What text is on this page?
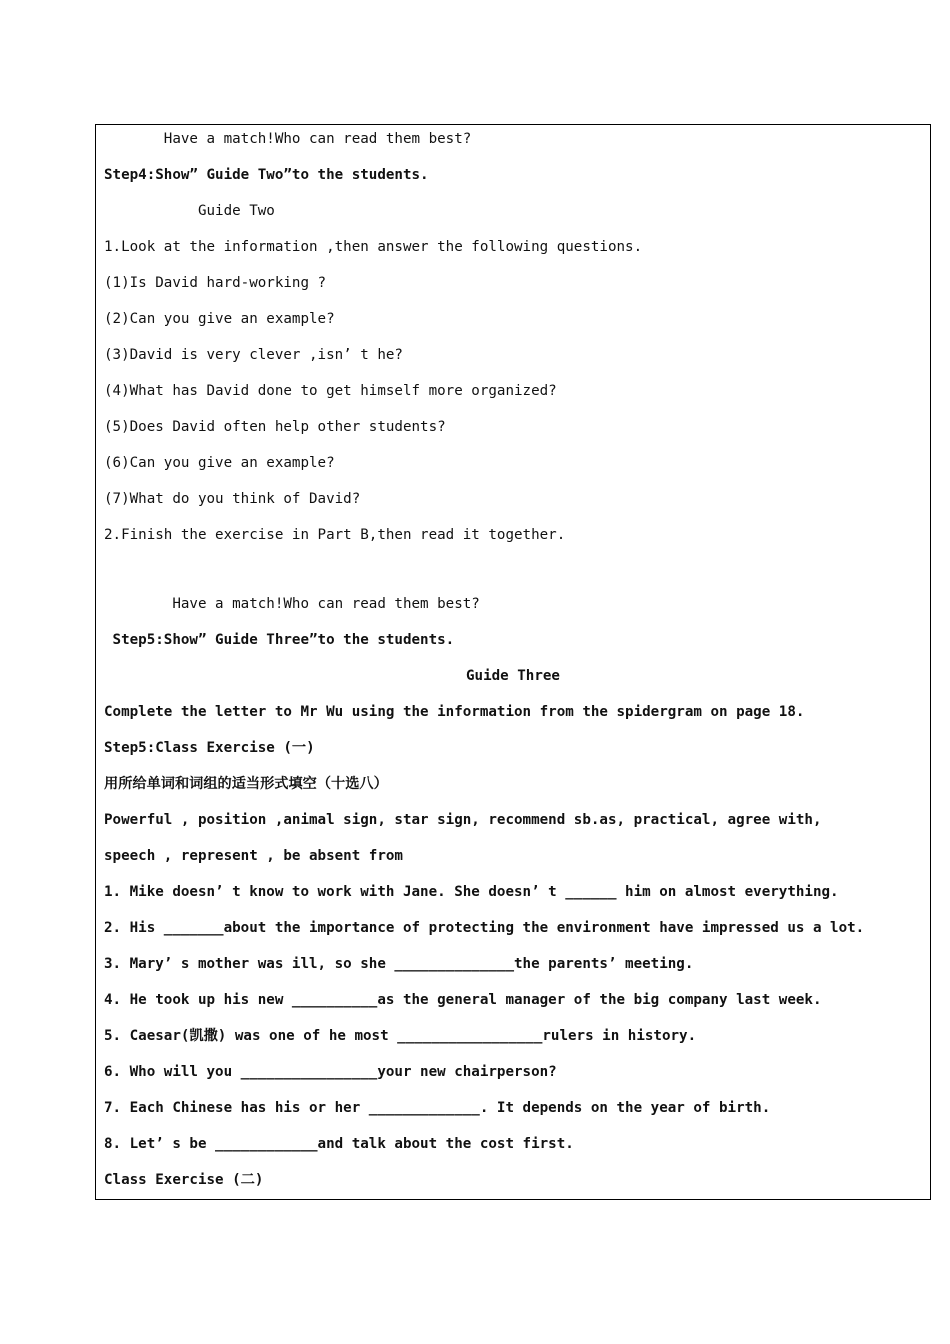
Have a match!Who can read them best?
Step4:Show” Guide Two”to the students.
Guide Two
1.Look at the information ,then answer the following questions.
(1)Is David hard-working ?
(2)Can you give an example?
(3)David is very clever ,isn’ t he?
(4)What has David done to get himself more organized?
(5)Does David often help other students?
(6)Can you give an example?
(7)What do you think of David?
2.Finish the exercise in Part B,then read it together.
Have a match!Who can read them best?
Step5:Show” Guide Three”to the students.
Guide Three
Complete the letter to Mr Wu using the information from the spidergram on page 18.
Step5:Class Exercise (一)
用所给单词和词组的适当形式填空（十选八）
Powerful , position ,animal sign, star sign, recommend sb.as, practical, agree with,
speech , represent , be absent from
1. Mike doesn’ t know to work with Jane. She doesn’ t ______ him on almost everything.
2. His _______about the importance of protecting the environment have impressed us a lot.
3. Mary’ s mother was ill, so she ______________the parents’ meeting.
4. He took up his new __________as the general manager of the big company last week.
5. Caesar(凯撒) was one of he most _________________rulers in history.
6. Who will you ________________your new chairperson?
7. Each Chinese has his or her _____________. It depends on the year of birth.
8. Let’ s be ____________and talk about the cost first.
Class Exercise (二)
